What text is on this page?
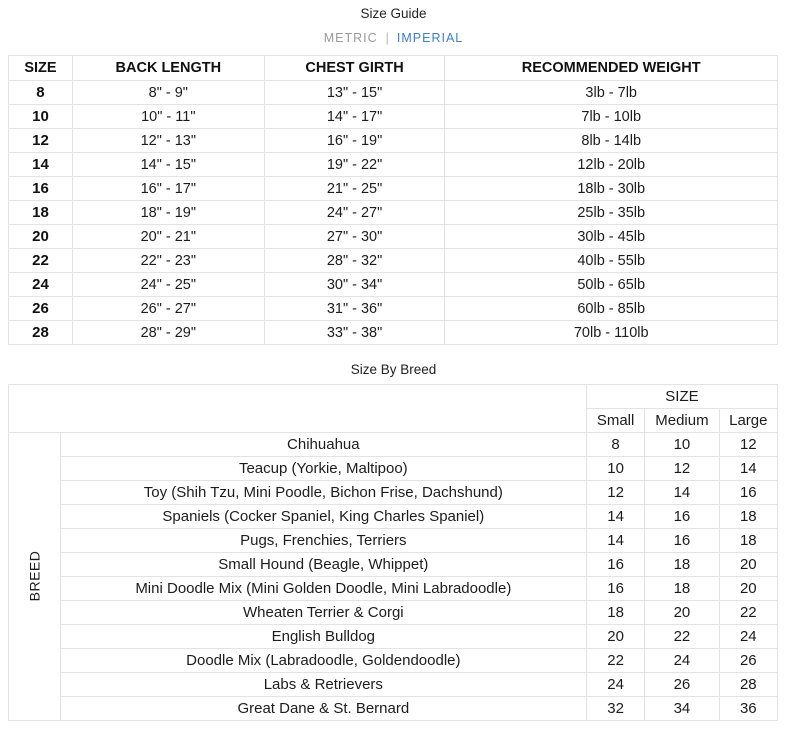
Size Guide
METRIC | IMPERIAL
SIZE	BACK LENGTH	CHEST GIRTH	RECOMMENDED WEIGHT
8	8" - 9"	13" - 15"	3lb - 7lb
10	10" - 11"	14" - 17"	7lb - 10lb
12	12" - 13"	16" - 19"	8lb - 14lb
14	14" - 15"	19" - 22"	12lb - 20lb
16	16" - 17"	21" - 25"	18lb - 30lb
18	18" - 19"	24" - 27"	25lb - 35lb
20	20" - 21"	27" - 30"	30lb - 45lb
22	22" - 23"	28" - 32"	40lb - 55lb
24	24" - 25"	30" - 34"	50lb - 65lb
26	26" - 27"	31" - 36"	60lb - 85lb
28	28" - 29"	33" - 38"	70lb - 110lb
Size By Breed
		SIZE		
		Small	Medium	Large
BREED	Chihuahua	8	10	12
	Teacup (Yorkie, Maltipoo)	10	12	14
	Toy (Shih Tzu, Mini Poodle, Bichon Frise, Dachshund)	12	14	16
	Spaniels (Cocker Spaniel, King Charles Spaniel)	14	16	18
	Pugs, Frenchies, Terriers	14	16	18
	Small Hound (Beagle, Whippet)	16	18	20
	Mini Doodle Mix (Mini Golden Doodle, Mini Labradoodle)	16	18	20
	Wheaten Terrier & Corgi	18	20	22
	English Bulldog	20	22	24
	Doodle Mix (Labradoodle, Goldendoodle)	22	24	26
	Labs & Retrievers	24	26	28
	Great Dane & St. Bernard	32	34	36
